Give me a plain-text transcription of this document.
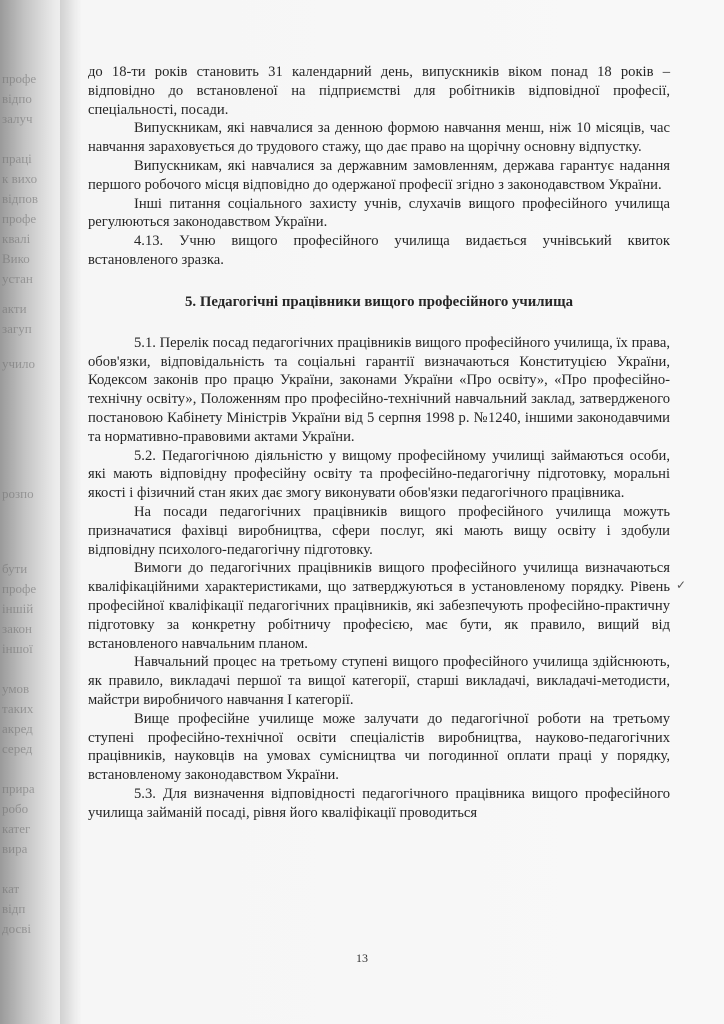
профе
відпо
залуч
праці
к вихо
відпов
профе
квалі
Вико
устан
акти
загуп
учило
розпо
бути
профе
іншій
закон
іншої
умов
таких
акред
серед
прира
робо
катег
вира
кат
відп
досві

до 18-ти років становить 31 календарний день, випускників віком понад 18 років – відповідно до встановленої на підприємстві для робітників відповідної професії, спеціальності, посади.

Випускникам, які навчалися за денною формою навчання менш, ніж 10 місяців, час навчання зараховується до трудового стажу, що дає право на щорічну основну відпустку.

Випускникам, які навчалися за державним замовленням, держава гарантує надання першого робочого місця відповідно до одержаної професії згідно з законодавством України.

Інші питання соціального захисту учнів, слухачів вищого професійного училища регулюються законодавством України.

4.13. Учню вищого професійного училища видається учнівський квиток встановленого зразка.

5. Педагогічні працівники вищого професійного училища

5.1. Перелік посад педагогічних працівників вищого професійного училища, їх права, обов'язки, відповідальність та соціальні гарантії визначаються Конституцією України, Кодексом законів про працю України, законами України «Про освіту», «Про професійно-технічну освіту», Положенням про професійно-технічний навчальний заклад, затвердженого постановою Кабінету Міністрів України від 5 серпня 1998 р. №1240, іншими законодавчими та нормативно-правовими актами України.

5.2. Педагогічною діяльністю у вищому професійному училищі займаються особи, які мають відповідну професійну освіту та професійно-педагогічну підготовку, моральні якості і фізичний стан яких дає змогу виконувати обов'язки педагогічного працівника.

На посади педагогічних працівників вищого професійного училища можуть призначатися фахівці виробництва, сфери послуг, які мають вищу освіту і здобули відповідну психолого-педагогічну підготовку.

Вимоги до педагогічних працівників вищого професійного училища визначаються кваліфікаційними характеристиками, що затверджуються в установленому порядку. Рівень професійної кваліфікації педагогічних працівників, які забезпечують професійно-практичну підготовку за конкретну робітничу професією, має бути, як правило, вищий від встановленого навчальним планом.

Навчальний процес на третьому ступені вищого професійного училища здійснюють, як правило, викладачі першої та вищої категорії, старші викладачі, викладачі-методисти, майстри виробничого навчання І категорії.

Вище професійне училище може залучати до педагогічної роботи на третьому ступені професійно-технічної освіти спеціалістів виробництва, науково-педагогічних працівників, науковців на умовах сумісництва чи погодинної оплати праці у порядку, встановленому законодавством України.

5.3. Для визначення відповідності педагогічного працівника вищого професійного училища займаній посаді, рівня його кваліфікації проводиться

✓
13
